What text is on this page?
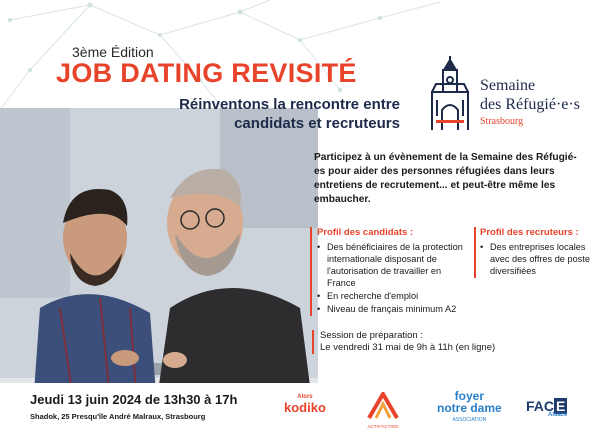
3ème Édition
JOB DATING REVISITÉ
Réinventons la rencontre entre
candidats et recruteurs
Semaine
des Réfugié·e·s
Strasbourg
Participez à un évènement de la Semaine des Réfugié-es pour aider des personnes réfugiées dans leurs entretiens de recrutement... et peut-être même les embaucher.
Profil des candidats :
• Des bénéficiaires de la protection internationale disposant de l'autorisation de travailler en France
• En recherche d'emploi
• Niveau de français minimum A2
Profil des recruteurs :
• Des entreprises locales avec des offres de poste diversifiées
Session de préparation :
Le vendredi 31 mai de 9h à 11h (en ligne)
Jeudi 13 juin 2024 de 13h30 à 17h
Shadok, 25 Presqu'île André Malraux, Strasbourg
Alors
kodiko
ACTIV'ACTION
foyer
notre dame
ASSOCIATION
FAC E
Alsace
